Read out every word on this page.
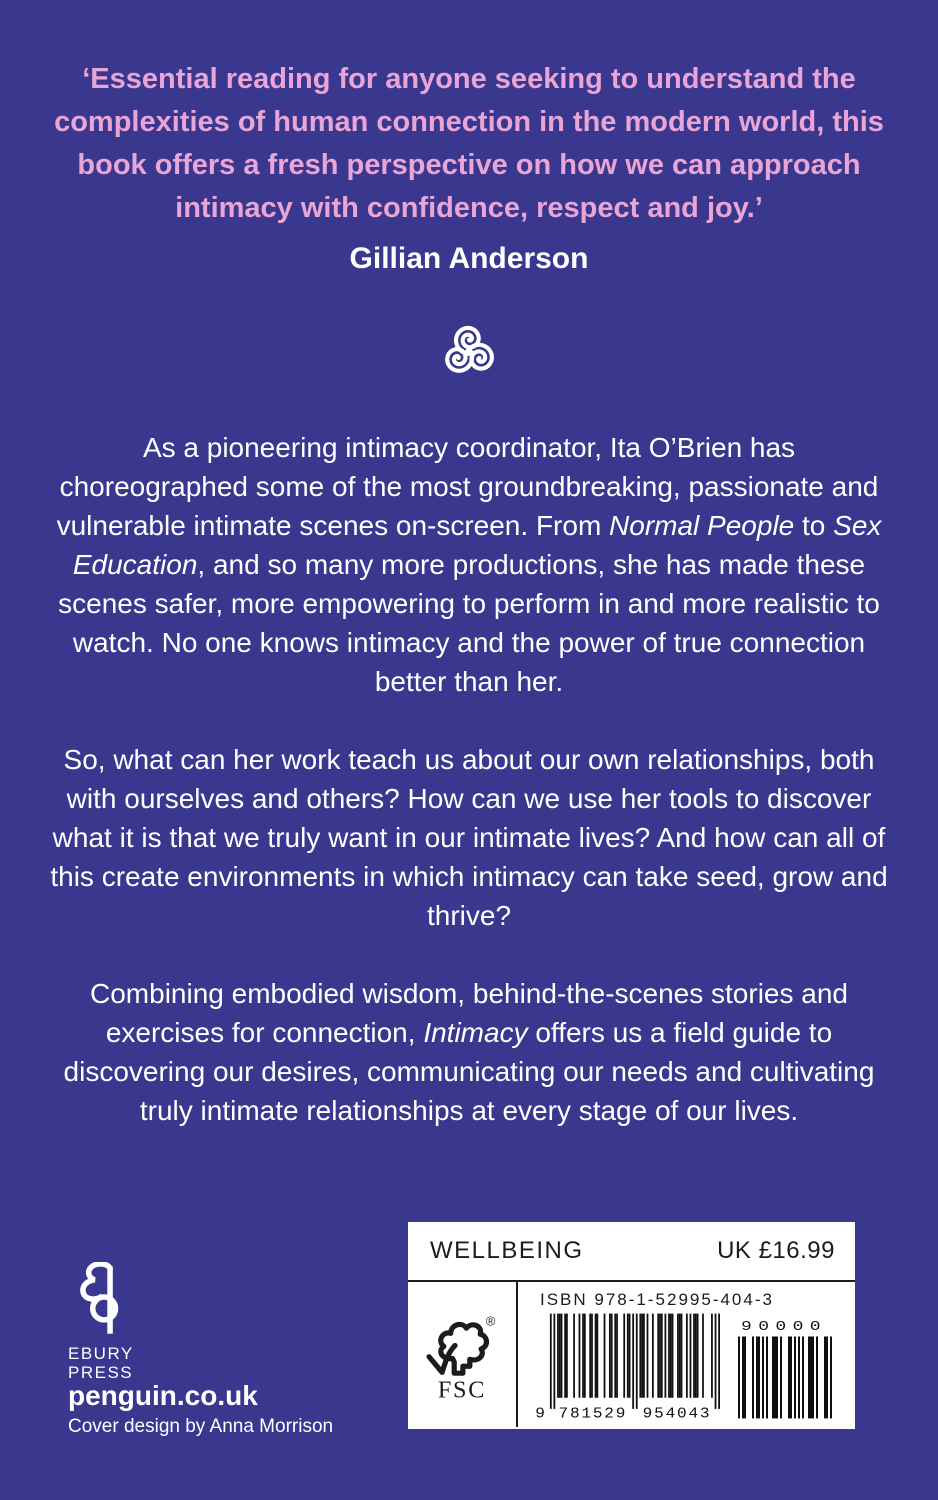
‘Essential reading for anyone seeking to understand the complexities of human connection in the modern world, this book offers a fresh perspective on how we can approach intimacy with confidence, respect and joy.’
Gillian Anderson

As a pioneering intimacy coordinator, Ita O’Brien has choreographed some of the most groundbreaking, passionate and vulnerable intimate scenes on-screen. From Normal People to Sex Education, and so many more productions, she has made these scenes safer, more empowering to perform in and more realistic to watch. No one knows intimacy and the power of true connection better than her.

So, what can her work teach us about our own relationships, both with ourselves and others? How can we use her tools to discover what it is that we truly want in our intimate lives? And how can all of this create environments in which intimacy can take seed, grow and thrive?

Combining embodied wisdom, behind-the-scenes stories and exercises for connection, Intimacy offers us a field guide to discovering our desires, communicating our needs and cultivating truly intimate relationships at every stage of our lives.

EBURY
PRESS
penguin.co.uk
Cover design by Anna Morrison
WELLBEING	UK £16.99
®
FSC
ISBN 978-1-52995-404-3
9 781529 954043
90000
